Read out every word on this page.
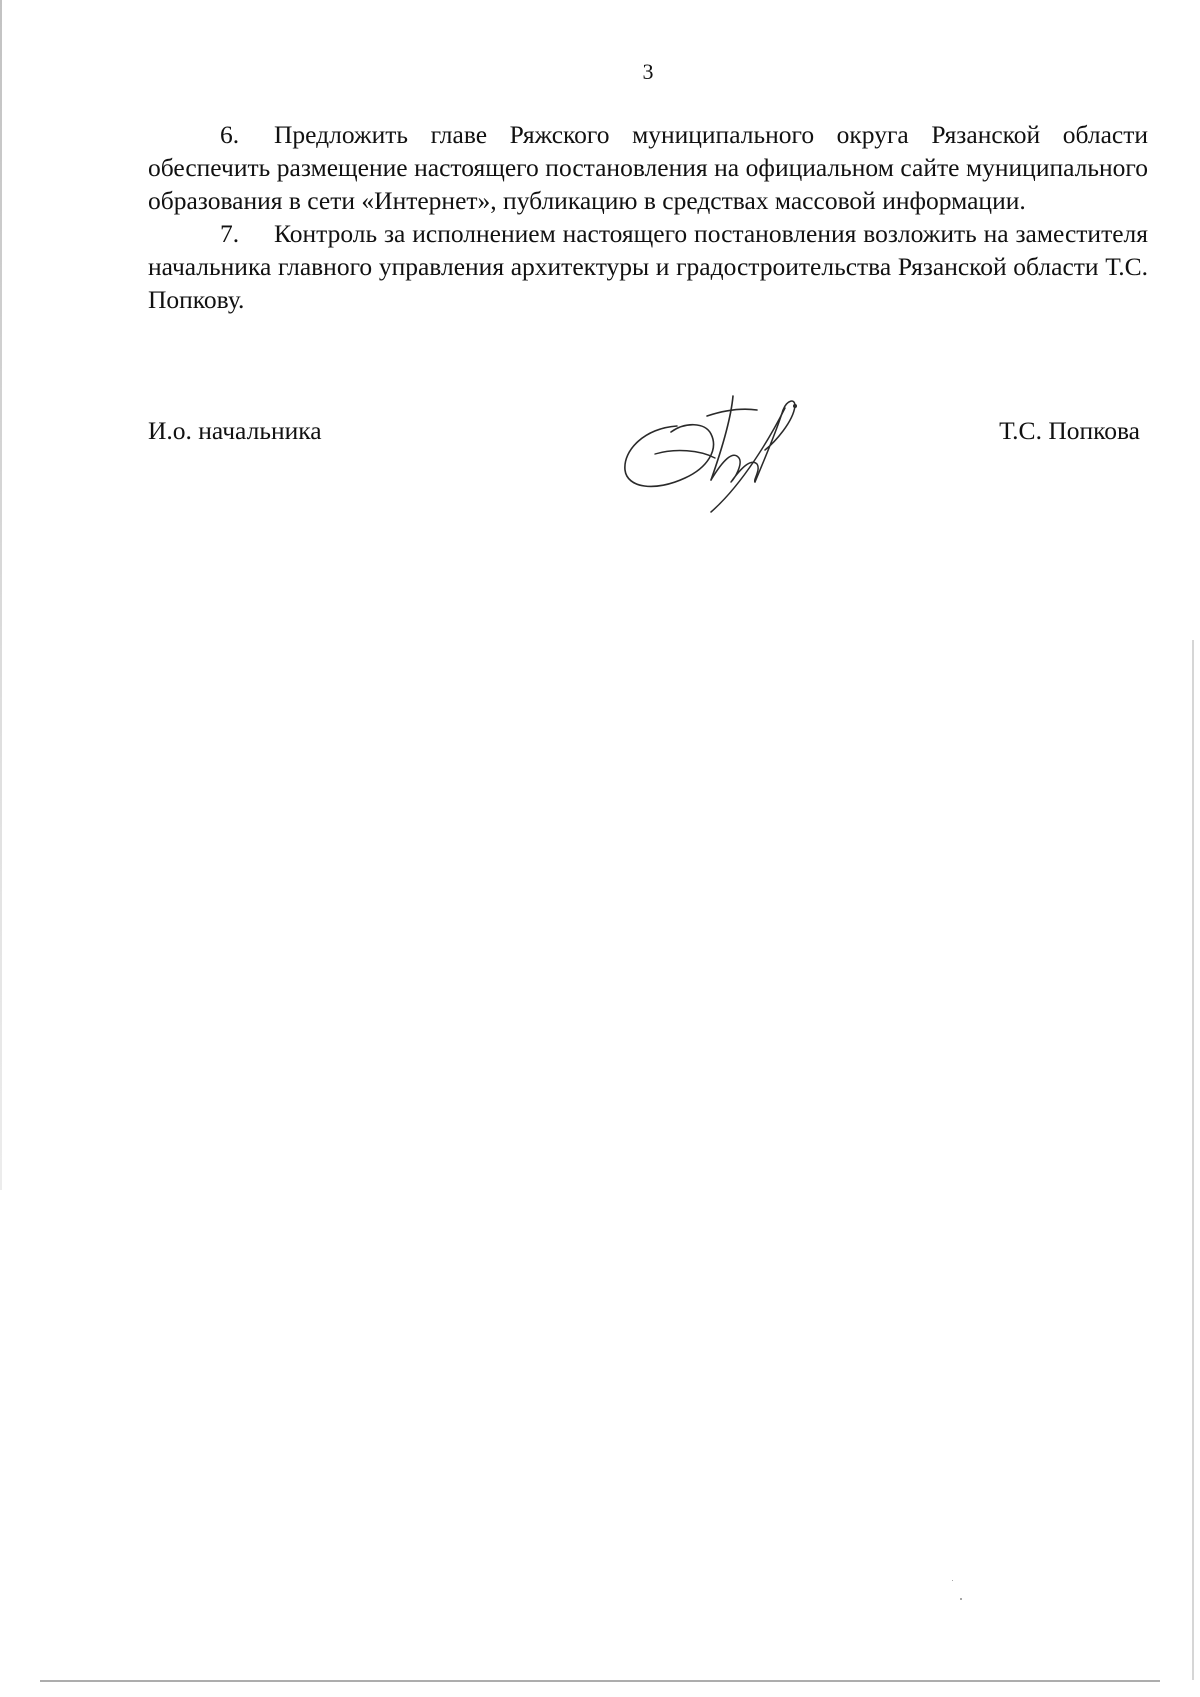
3

6. Предложить главе Ряжского муниципального округа Рязанской области обеспечить размещение настоящего постановления на официальном сайте муниципального образования в сети «Интернет», публикацию в средствах массовой информации.

7. Контроль за исполнением настоящего постановления возложить на заместителя начальника главного управления архитектуры и градостроительства Рязанской области Т.С. Попкову.

И.о. начальника	Т.С. Попкова
